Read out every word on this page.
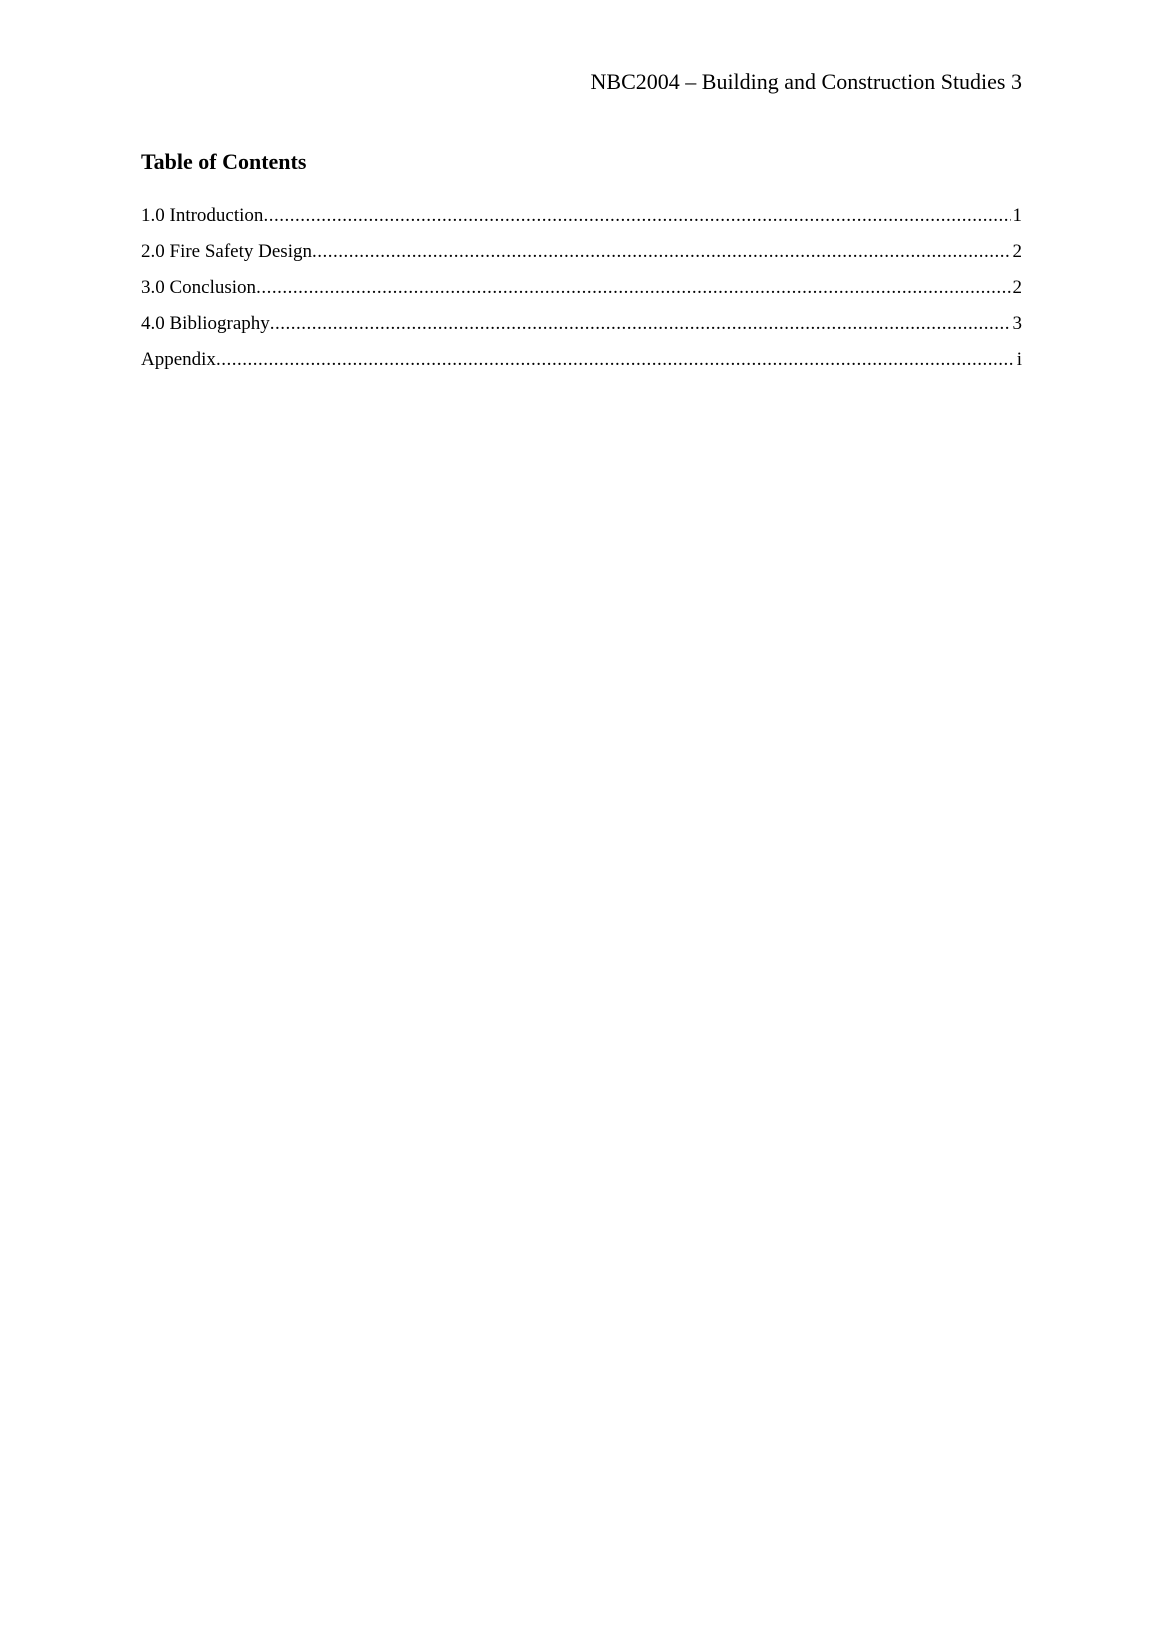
NBC2004 – Building and Construction Studies 3
Table of Contents
1.0 Introduction .....	1
2.0 Fire Safety Design .....	2
3.0 Conclusion .....	2
4.0 Bibliography .....	3
Appendix .....	i
